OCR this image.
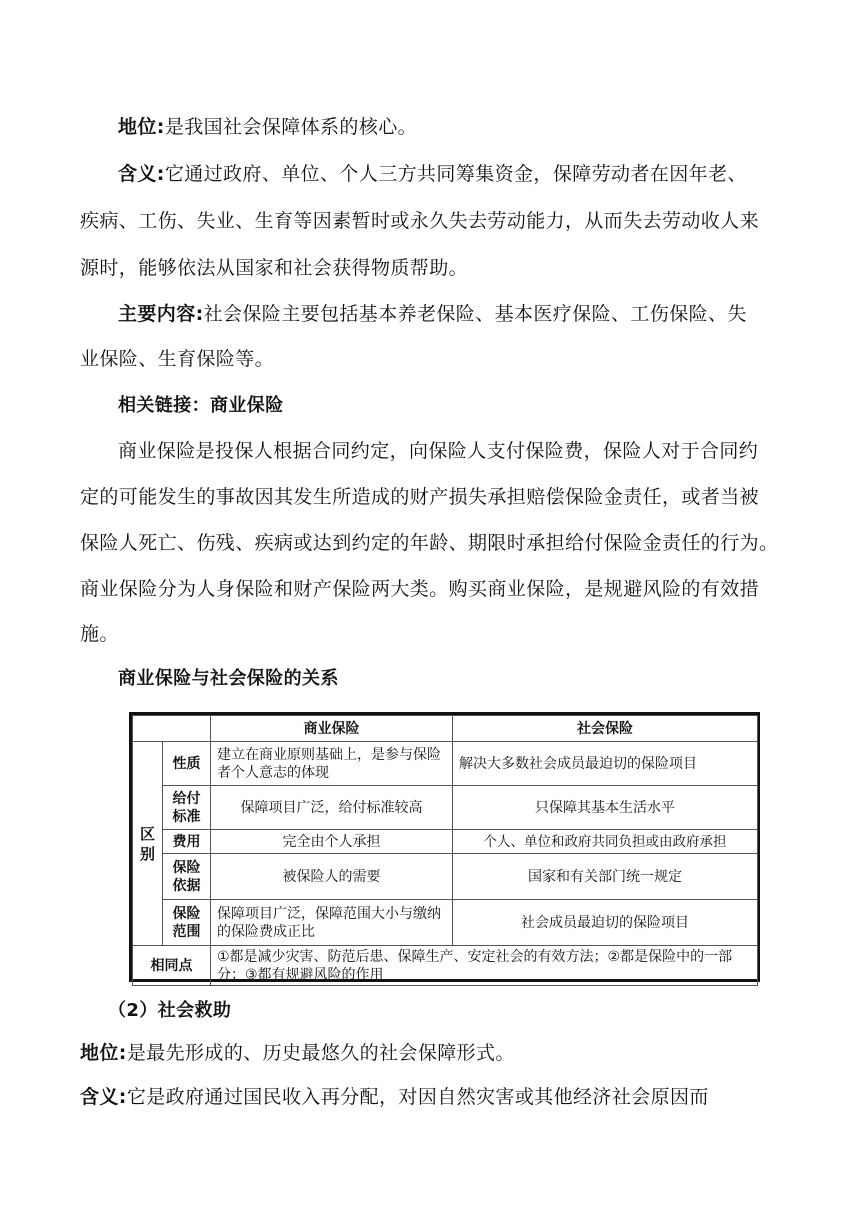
地位:是我国社会保障体系的核心。
含义:它通过政府、单位、个人三方共同筹集资金，保障劳动者在因年老、
疾病、工伤、失业、生育等因素暂时或永久失去劳动能力，从而失去劳动收人来
源时，能够依法从国家和社会获得物质帮助。
主要内容:社会保险主要包括基本养老保险、基本医疗保险、工伤保险、失
业保险、生育保险等。
相关链接：商业保险
商业保险是投保人根据合同约定，向保险人支付保险费，保险人对于合同约
定的可能发生的事故因其发生所造成的财产损失承担赔偿保险金责任，或者当被
保险人死亡、伤残、疾病或达到约定的年龄、期限时承担给付保险金责任的行为。
商业保险分为人身保险和财产保险两大类。购买商业保险，是规避风险的有效措
施。
商业保险与社会保险的关系
		商业保险	社会保险
区别	性质	建立在商业原则基础上，是参与保险者个人意志的体现	解决大多数社会成员最迫切的保险项目
	给付标准	保障项目广泛，给付标准较高	只保障其基本生活水平
	费用	完全由个人承担	个人、单位和政府共同负担或由政府承担
	保险依据	被保险人的需要	国家和有关部门统一规定
	保险范围	保障项目广泛，保障范围大小与缴纳的保险费成正比	社会成员最迫切的保险项目
相同点		①都是减少灾害、防范后患、保障生产、安定社会的有效方法；②都是保险中的一部分；③都有规避风险的作用	
（2）社会救助
地位:是最先形成的、历史最悠久的社会保障形式。
含义:它是政府通过国民收入再分配，对因自然灾害或其他经济社会原因而
